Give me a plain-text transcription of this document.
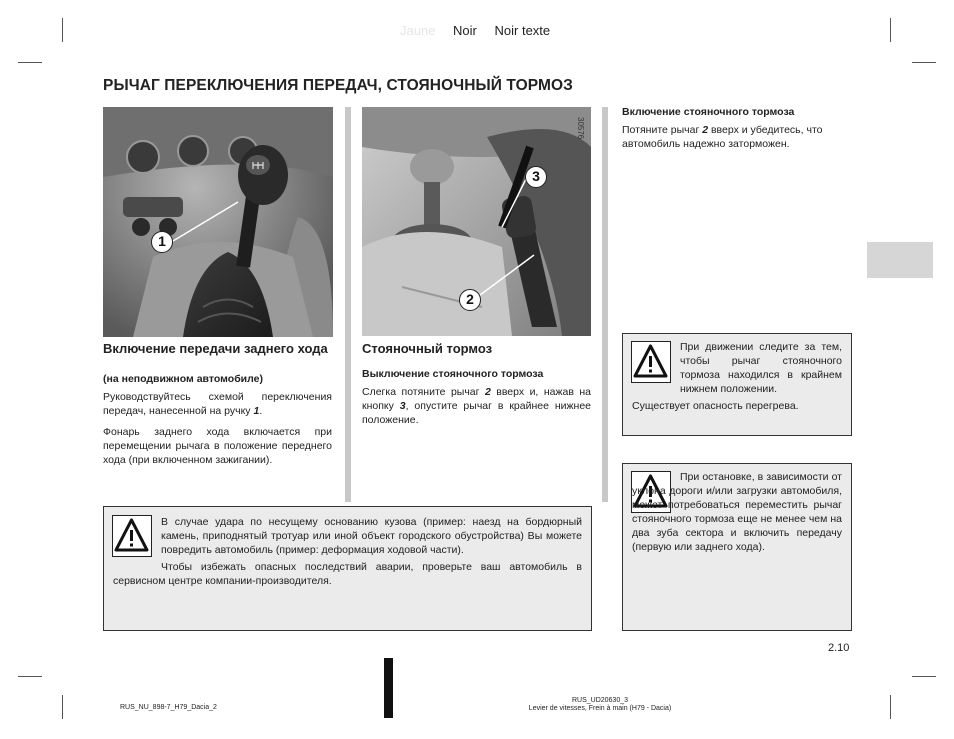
Jaune Noir Noir texte
РЫЧАГ ПЕРЕКЛЮЧЕНИЯ ПЕРЕДАЧ, СТОЯНОЧНЫЙ ТОРМОЗ
1
30576
3
2
Включение передачи заднего хода
(на неподвижном автомобиле)
Руководствуйтесь схемой переключения передач, нанесенной на ручку 1.
Фонарь заднего хода включается при перемещении рычага в положение переднего хода (при включенном зажигании).
Стояночный тормоз
Выключение стояночного тормоза
Слегка потяните рычаг 2 вверх и, нажав на кнопку 3, опустите рычаг в крайнее нижнее положение.
Включение стояночного тормоза
Потяните рычаг 2 вверх и убедитесь, что автомобиль надежно заторможен.
При движении следите за тем, чтобы рычаг стояночного тормоза находился в крайнем нижнем положении.
Существует опасность перегрева.
При остановке, в зависимости от уклона дороги и/или загрузки автомобиля, может потребоваться переместить рычаг стояночного тормоза еще не менее чем на два зуба сектора и включить передачу (первую или заднего хода).
В случае удара по несущему основанию кузова (пример: наезд на бордюрный камень, приподнятый тротуар или иной объект городского обустройства) Вы можете повредить автомобиль (пример: деформация ходовой части).
Чтобы избежать опасных последствий аварии, проверьте ваш автомобиль в сервисном центре компании-производителя.
2.10
RUS_NU_898-7_H79_Dacia_2
RUS_UD20630_3
Levier de vitesses, Frein à main (H79 - Dacia)
